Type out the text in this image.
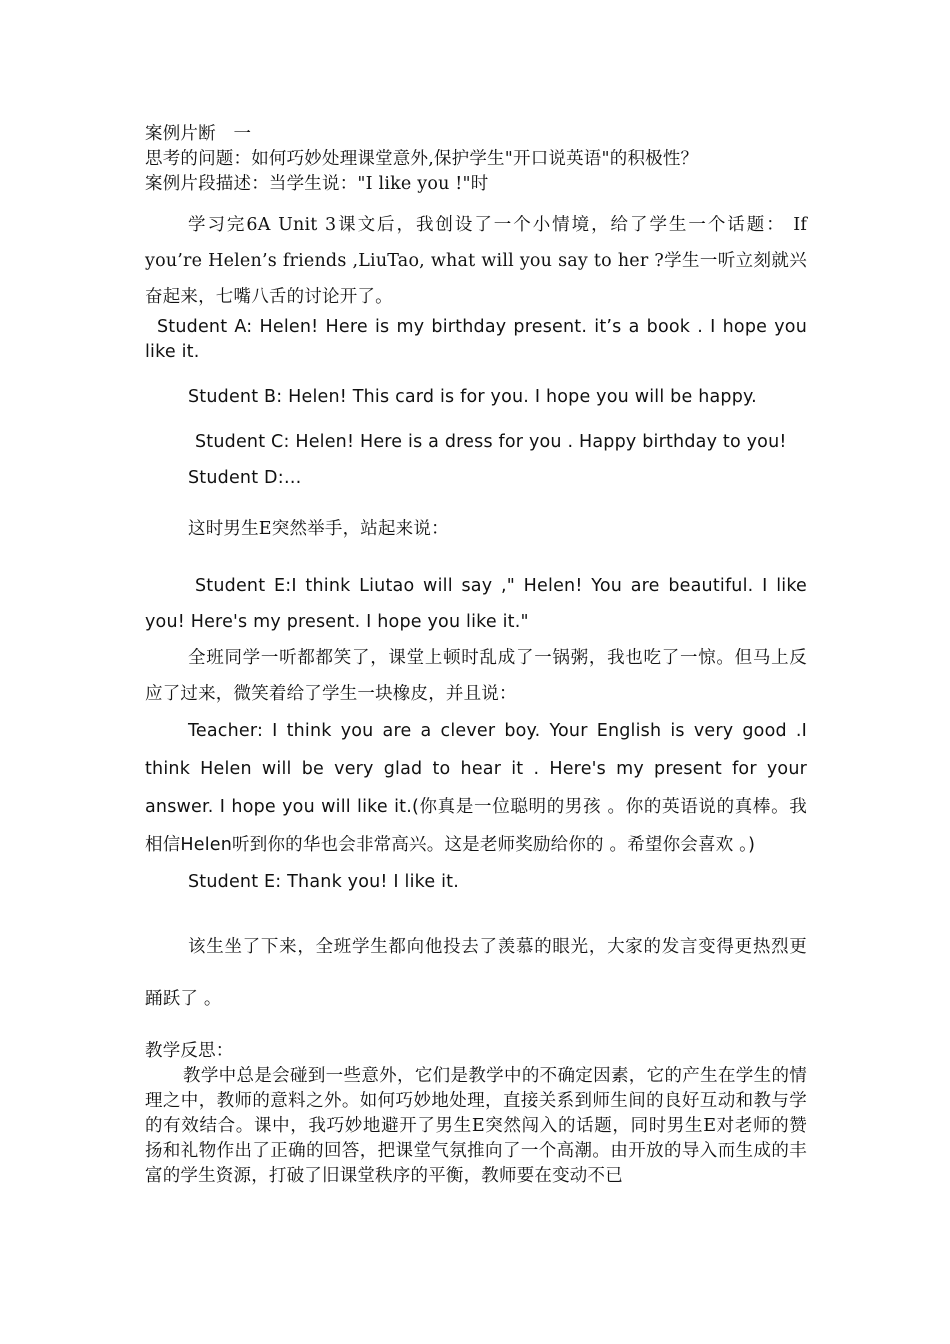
案例片断　一

思考的问题：如何巧妙处理课堂意外,保护学生"开口说英语"的积极性？

案例片段描述：当学生说："I like you !"时

学习完6A Unit 3课文后，我创设了一个小情境，给了学生一个话题： If you’re Helen’s friends ,LiuTao, what will you say to her ?学生一听立刻就兴奋起来，七嘴八舌的讨论开了。

Student A: Helen! Here is my birthday present. it’s a book . I hope you like it.

Student B: Helen! This card is for you. I hope you will be happy.

Student C: Helen! Here is a dress for you . Happy birthday to you!

Student D:…

这时男生E突然举手，站起来说：

Student E:I think Liutao will say ," Helen! You are beautiful. I like you! Here's my present. I hope you like it."

全班同学一听都都笑了，课堂上顿时乱成了一锅粥，我也吃了一惊。但马上反应了过来，微笑着给了学生一块橡皮，并且说：

Teacher: I think you are a clever boy. Your English is very good .I think Helen will be very glad to hear it . Here's my present for your answer. I hope you will like it.(你真是一位聪明的男孩 。你的英语说的真棒。我相信Helen听到你的华也会非常高兴。这是老师奖励给你的 。希望你会喜欢 。)

Student E: Thank you! I like it.

该生坐了下来，全班学生都向他投去了羡慕的眼光，大家的发言变得更热烈更踊跃了 。

教学反思：

教学中总是会碰到一些意外，它们是教学中的不确定因素，它的产生在学生的情理之中，教师的意料之外。如何巧妙地处理，直接关系到师生间的良好互动和教与学的有效结合。课中，我巧妙地避开了男生E突然闯入的话题，同时男生E对老师的赞扬和礼物作出了正确的回答，把课堂气氛推向了一个高潮。由开放的导入而生成的丰富的学生资源，打破了旧课堂秩序的平衡，教师要在变动不已
